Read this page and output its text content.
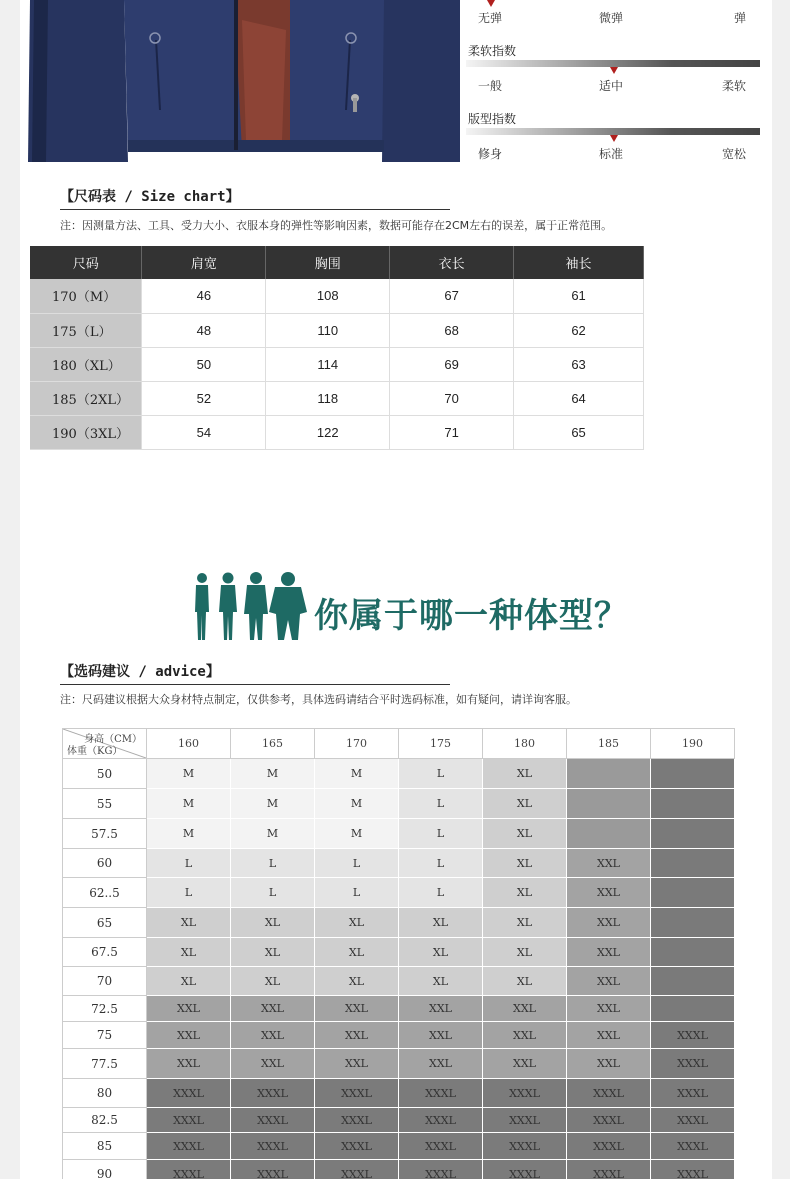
无弹	微弹	弹
柔软指数
一般	适中	柔软
版型指数
修身	标准	宽松
【尺码表 / Size chart】
注：因测量方法、工具、受力大小、衣服本身的弹性等影响因素，数据可能存在2CM左右的误差，属于正常范围。
尺码	肩宽	胸围	衣长	袖长
170（M）	46	108	67	61
175（L）	48	110	68	62
180（XL）	50	114	69	63
185（2XL）	52	118	70	64
190（3XL）	54	122	71	65
你属于哪一种体型？
【选码建议 / advice】
注：尺码建议根据大众身材特点制定，仅供参考，具体选码请结合平时选码标准，如有疑问，请详询客服。
身高（CM）
体重（KG）	160	165	170	175	180	185	190
50	M	M	M	L	XL		
55	M	M	M	L	XL		
57.5	M	M	M	L	XL		
60	L	L	L	L	XL	XXL	
62..5	L	L	L	L	XL	XXL	
65	XL	XL	XL	XL	XL	XXL	
67.5	XL	XL	XL	XL	XL	XXL	
70	XL	XL	XL	XL	XL	XXL	
72.5	XXL	XXL	XXL	XXL	XXL	XXL	
75	XXL	XXL	XXL	XXL	XXL	XXL	XXXL
77.5	XXL	XXL	XXL	XXL	XXL	XXL	XXXL
80	XXXL	XXXL	XXXL	XXXL	XXXL	XXXL	XXXL
82.5	XXXL	XXXL	XXXL	XXXL	XXXL	XXXL	XXXL
85	XXXL	XXXL	XXXL	XXXL	XXXL	XXXL	XXXL
90	XXXL	XXXL	XXXL	XXXL	XXXL	XXXL	XXXL
